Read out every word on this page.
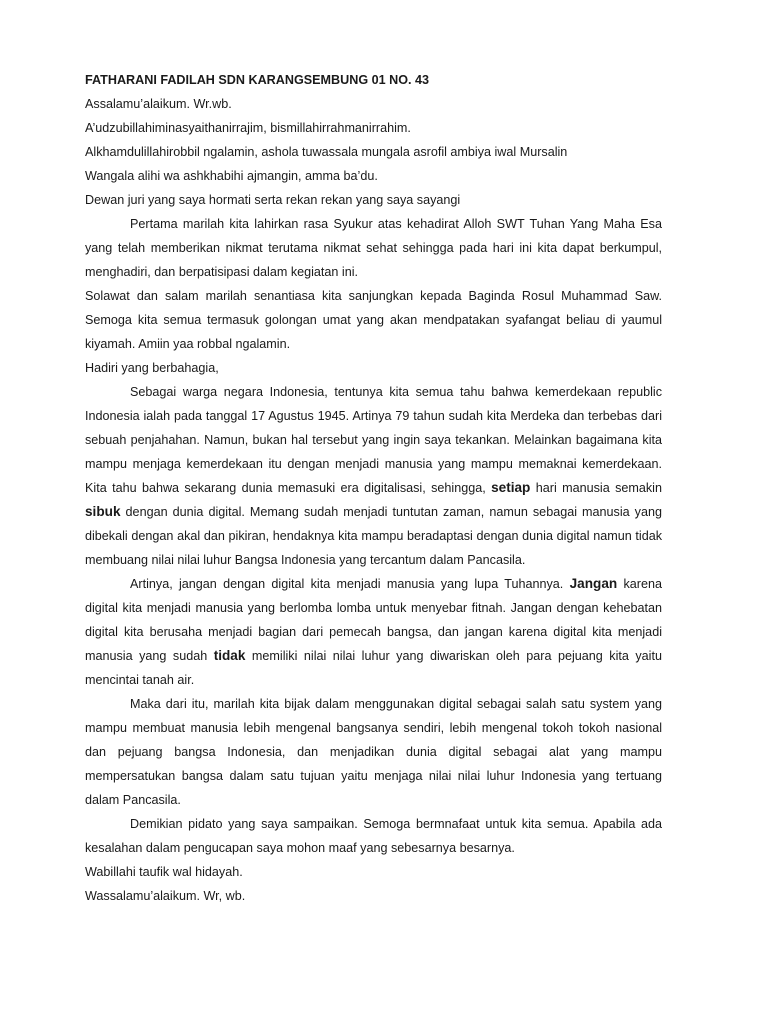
FATHARANI FADILAH SDN KARANGSEMBUNG 01 NO. 43

Assalamu’alaikum. Wr.wb.

A’udzubillahiminasyaithanirrajim, bismillahirrahmanirrahim.

Alkhamdulillahirobbil ngalamin, ashola tuwassala mungala asrofil ambiya iwal Mursalin

Wangala alihi wa ashkhabihi ajmangin, amma ba’du.

Dewan juri yang saya hormati serta rekan rekan yang saya sayangi

Pertama marilah kita lahirkan rasa Syukur atas kehadirat Alloh SWT Tuhan Yang Maha Esa yang telah memberikan nikmat terutama nikmat sehat sehingga pada hari ini kita dapat berkumpul, menghadiri, dan berpatisipasi dalam kegiatan ini.

Solawat dan salam marilah senantiasa kita sanjungkan kepada Baginda Rosul Muhammad Saw. Semoga kita semua termasuk golongan umat yang akan mendpatakan syafangat beliau di yaumul kiyamah. Amiin yaa robbal ngalamin.

Hadiri yang berbahagia,

Sebagai warga negara Indonesia, tentunya kita semua tahu bahwa kemerdekaan republic Indonesia ialah pada tanggal 17 Agustus 1945. Artinya 79 tahun sudah kita Merdeka dan terbebas dari sebuah penjahahan. Namun, bukan hal tersebut yang ingin saya tekankan. Melainkan bagaimana kita mampu menjaga kemerdekaan itu dengan menjadi manusia yang mampu memaknai kemerdekaan. Kita tahu bahwa sekarang dunia memasuki era digitalisasi, sehingga, setiap hari manusia semakin sibuk dengan dunia digital. Memang sudah menjadi tuntutan zaman, namun sebagai manusia yang dibekali dengan akal dan pikiran, hendaknya kita mampu beradaptasi dengan dunia digital namun tidak membuang nilai nilai luhur Bangsa Indonesia yang tercantum dalam Pancasila.

Artinya, jangan dengan digital kita menjadi manusia yang lupa Tuhannya. Jangan karena digital kita menjadi manusia yang berlomba lomba untuk menyebar fitnah. Jangan dengan kehebatan digital kita berusaha menjadi bagian dari pemecah bangsa, dan jangan karena digital kita menjadi manusia yang sudah tidak memiliki nilai nilai luhur yang diwariskan oleh para pejuang kita yaitu mencintai tanah air.

Maka dari itu, marilah kita bijak dalam menggunakan digital sebagai salah satu system yang mampu membuat manusia lebih mengenal bangsanya sendiri, lebih mengenal tokoh tokoh nasional dan pejuang bangsa Indonesia, dan menjadikan dunia digital sebagai alat yang mampu mempersatukan bangsa dalam satu tujuan yaitu menjaga nilai nilai luhur Indonesia yang tertuang dalam Pancasila.

Demikian pidato yang saya sampaikan. Semoga bermnafaat untuk kita semua. Apabila ada kesalahan dalam pengucapan saya mohon maaf yang sebesarnya besarnya.

Wabillahi taufik wal hidayah.

Wassalamu’alaikum. Wr, wb.
